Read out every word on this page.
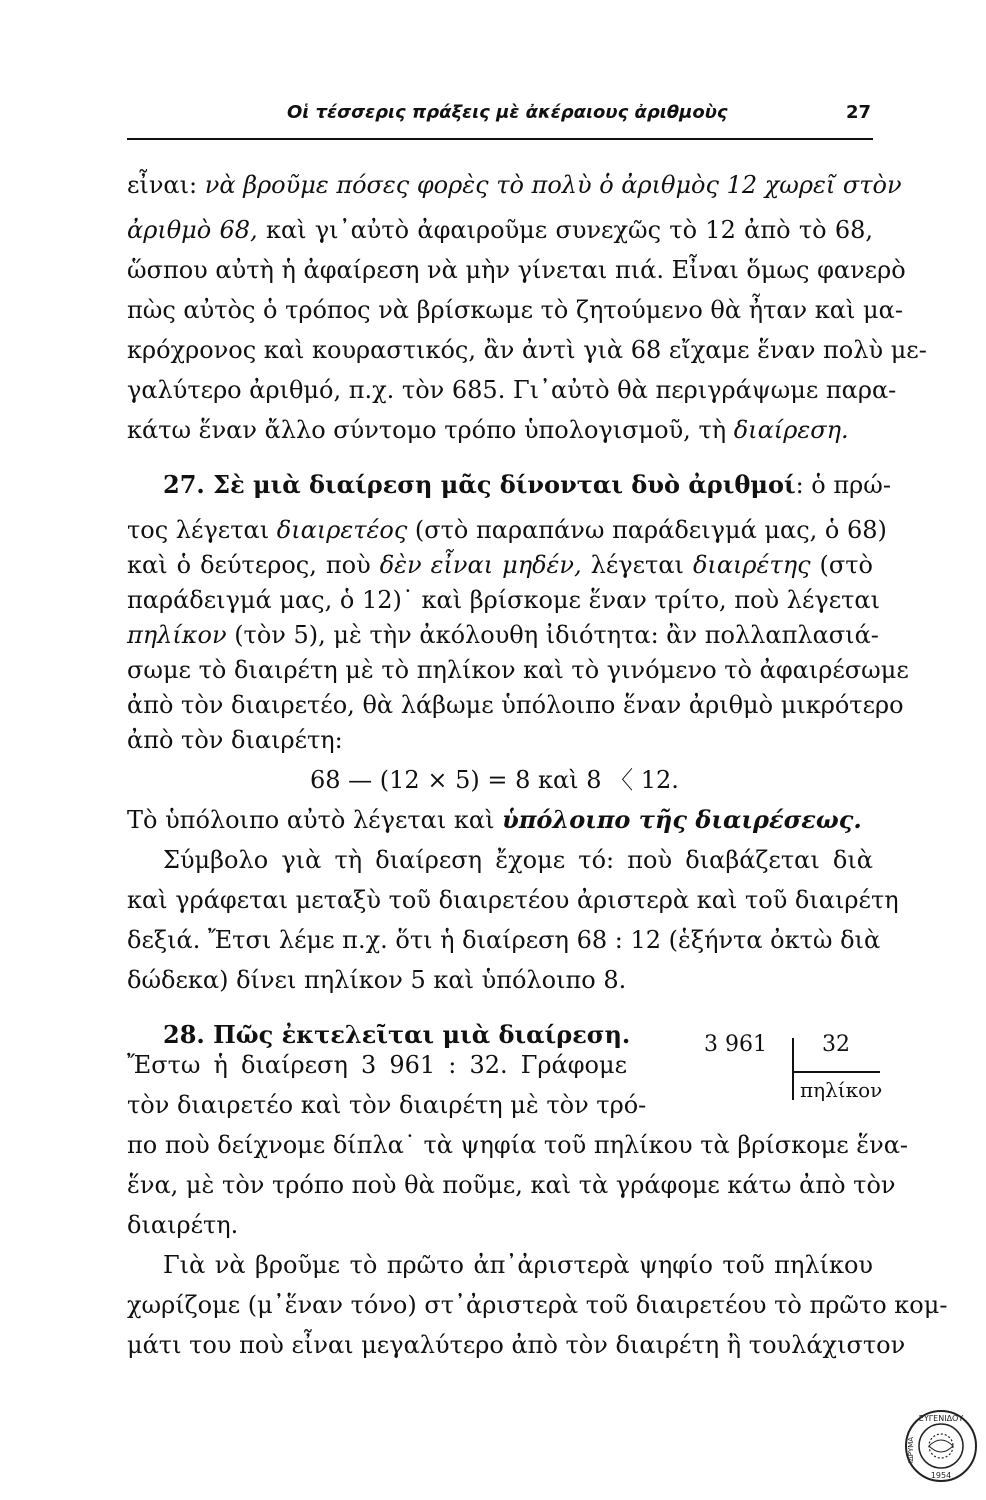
Οἱ τέσσερις πράξεις μὲ ἀκέραιους ἀριθμοὺς	27
εἶναι: νὰ βροῦμε πόσες φορὲς τὸ πολὺ ὁ ἀριθμὸς 12 χωρεῖ στὸν
ἀριθμὸ 68, καὶ γι᾿αὐτὸ ἀφαιροῦμε συνεχῶς τὸ 12 ἀπὸ τὸ 68,
ὥσπου αὐτὴ ἡ ἀφαίρεση νὰ μὴν γίνεται πιά. Εἶναι ὅμως φανερὸ
πὼς αὐτὸς ὁ τρόπος νὰ βρίσκωμε τὸ ζητούμενο θὰ ἦταν καὶ μα-
κρόχρονος καὶ κουραστικός, ἂν ἀντὶ γιὰ 68 εἴχαμε ἕναν πολὺ με-
γαλύτερο ἀριθμό, π.χ. τὸν 685. Γι᾿αὐτὸ θὰ περιγράψωμε παρα-
κάτω ἕναν ἄλλο σύντομο τρόπο ὑπολογισμοῦ, τὴ διαίρεση.
27. Σὲ μιὰ διαίρεση μᾶς δίνονται δυὸ ἀριθμοί: ὁ πρώ-
τος λέγεται διαιρετέος (στὸ παραπάνω παράδειγμά μας, ὁ 68)
καὶ ὁ δεύτερος, ποὺ δὲν εἶναι μηδέν, λέγεται διαιρέτης (στὸ
παράδειγμά μας, ὁ 12)˙ καὶ βρίσκομε ἕναν τρίτο, ποὺ λέγεται
πηλίκον (τὸν 5), μὲ τὴν ἀκόλουθη ἰδιότητα: ἂν πολλαπλασιά-
σωμε τὸ διαιρέτη μὲ τὸ πηλίκον καὶ τὸ γινόμενο τὸ ἀφαιρέσωμε
ἀπὸ τὸν διαιρετέο, θὰ λάβωμε ὑπόλοιπο ἕναν ἀριθμὸ μικρότερο
ἀπὸ τὸν διαιρέτη:
68 — (12 × 5) = 8 καὶ 8 〈 12.
Τὸ ὑπόλοιπο αὐτὸ λέγεται καὶ ὑπόλοιπο τῆς διαιρέσεως.
Σύμβολο γιὰ τὴ διαίρεση ἔχομε τό: ποὺ διαβάζεται διὰ
καὶ γράφεται μεταξὺ τοῦ διαιρετέου ἀριστερὰ καὶ τοῦ διαιρέτη
δεξιά. Ἔτσι λέμε π.χ. ὅτι ἡ διαίρεση 68 : 12 (ἑξήντα ὀκτὼ διὰ
δώδεκα) δίνει πηλίκον 5 καὶ ὑπόλοιπο 8.
28. Πῶς ἐκτελεῖται μιὰ διαίρεση.
Ἔστω ἡ διαίρεση 3 961 : 32. Γράφομε
τὸν διαιρετέο καὶ τὸν διαιρέτη μὲ τὸν τρό-
πο ποὺ δείχνομε δίπλα˙ τὰ ψηφία τοῦ πηλίκου τὰ βρίσκομε ἕνα-
ἕνα, μὲ τὸν τρόπο ποὺ θὰ ποῦμε, καὶ τὰ γράφομε κάτω ἀπὸ τὸν
διαιρέτη.
3 961	32
πηλίκον
Γιὰ νὰ βροῦμε τὸ πρῶτο ἀπ᾿ἀριστερὰ ψηφίο τοῦ πηλίκου
χωρίζομε (μ᾿ἕναν τόνο) στ᾿ἀριστερὰ τοῦ διαιρετέου τὸ πρῶτο κομ-
μάτι του ποὺ εἶναι μεγαλύτερο ἀπὸ τὸν διαιρέτη ἢ τουλάχιστον
ΕΥΓΕΝΙΔΟΥ
ΙΔΡΥΜΑ
1954
